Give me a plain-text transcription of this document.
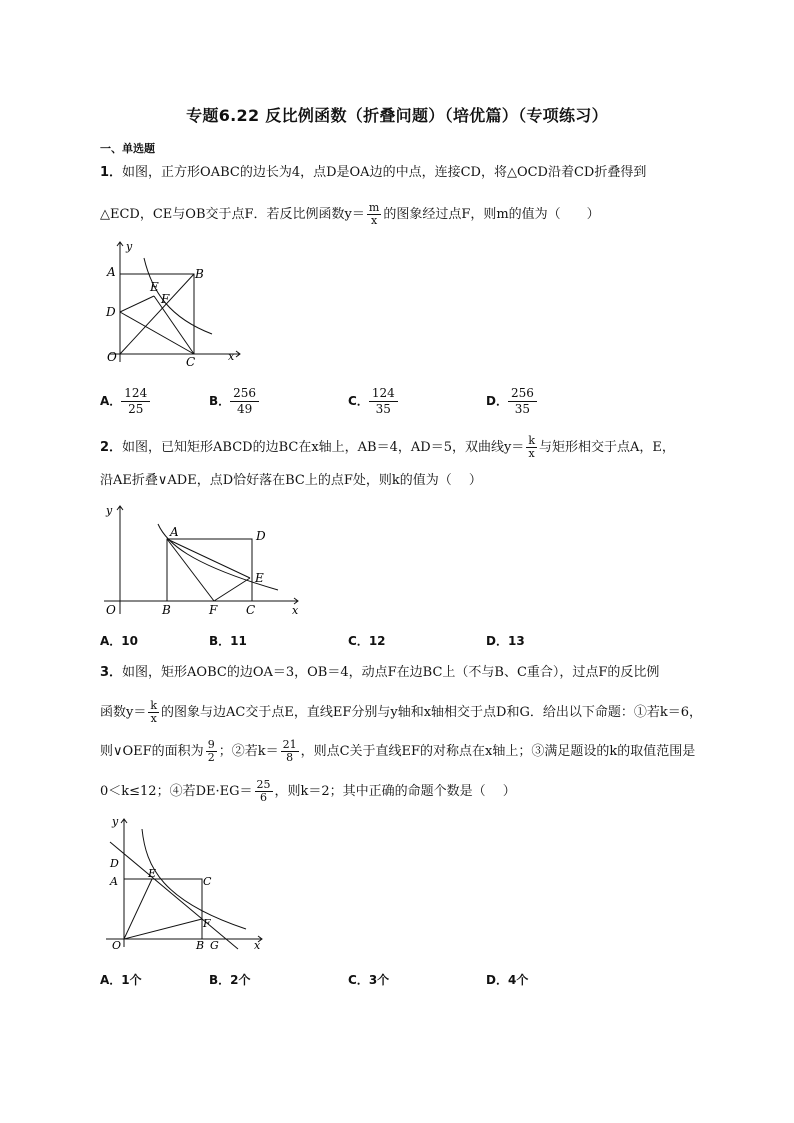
专题6.22 反比例函数（折叠问题）（培优篇）（专项练习）
一、单选题
1．如图，正方形OABC的边长为4，点D是OA边的中点，连接CD，将△OCD沿着CD折叠得到
△ECD，CE与OB交于点F．若反比例函数$y= \frac{m}{x}$ 的图象经过点F，则m的值为（　　）
y
A	B
E
F
D
O	C	x
A． $\frac{124}{25}$	B． $\frac{256}{49}$	C． $\frac{124}{35}$	D． $\frac{256}{35}$
2．如图，已知矩形ABCD的边BC在x轴上，AB＝4，AD＝5，双曲线$y= \frac{k}{x}$ 与矩形相交于点A，E，
沿AE折叠∨ADE，点D恰好落在BC上的点F处，则k的值为（　 ）
y
A	D
E
O	B	F C	x
A．10	B．11	C．12	D．13
3．如图，矩形AOBC的边OA＝3，OB＝4，动点F在边BC上（不与B、C重合），过点F的反比例
函数$y= \frac{k}{x}$ 的图象与边AC交于点E，直线EF分别与y轴和x轴相交于点D和G．给出以下命题：①若k＝6，
则∨OEF的面积为 $\frac{9}{2}$ ；②若$k= \frac{21}{8}$ ，则点C关于直线EF的对称点在x轴上；③满足题设的k的取值范围是
0＜k≤12；④若$DE\cdot EG= \frac{25}{6}$ ，则k＝2；其中正确的命题个数是（　 ）
y
D
A
E
C
F
O	B G	x
A．1个	B．2个	C．3个	D．4个
